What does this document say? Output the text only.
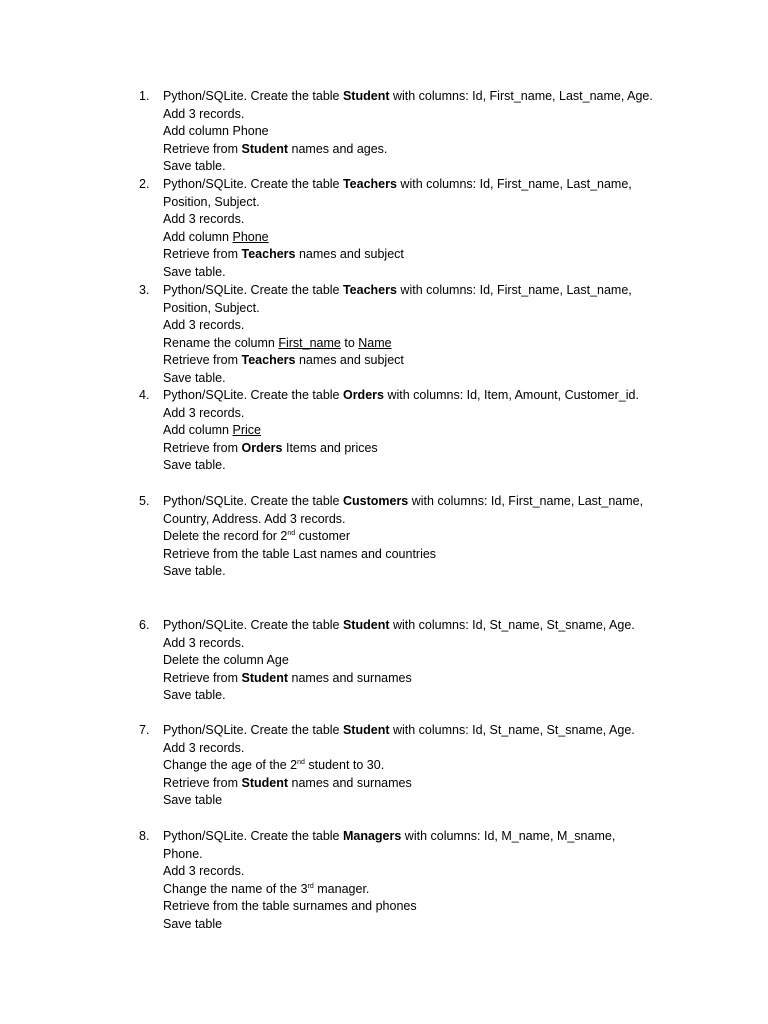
1. Python/SQLite. Create the table Student with columns: Id, First_name, Last_name, Age.
Add 3 records.
Add column Phone
Retrieve from Student names and ages.
Save table.
2. Python/SQLite. Create the table Teachers with columns: Id, First_name, Last_name,
Position, Subject.
Add 3 records.
Add column Phone
Retrieve from Teachers names and subject
Save table.
3. Python/SQLite. Create the table Teachers with columns: Id, First_name, Last_name,
Position, Subject.
Add 3 records.
Rename the column First_name to Name
Retrieve from Teachers names and subject
Save table.
4. Python/SQLite. Create the table Orders with columns: Id, Item, Amount, Customer_id.
Add 3 records.
Add column Price
Retrieve from Orders Items and prices
Save table.
5. Python/SQLite. Create the table Customers with columns: Id, First_name, Last_name,
Country, Address. Add 3 records.
Delete the record for 2nd customer
Retrieve from the table Last names and countries
Save table.
6. Python/SQLite. Create the table Student with columns: Id, St_name, St_sname, Age.
Add 3 records.
Delete the column Age
Retrieve from Student names and surnames
Save table.
7. Python/SQLite. Create the table Student with columns: Id, St_name, St_sname, Age.
Add 3 records.
Change the age of the 2nd student to 30.
Retrieve from Student names and surnames
Save table
8. Python/SQLite. Create the table Managers with columns: Id, M_name, M_sname,
Phone.
Add 3 records.
Change the name of the 3rd manager.
Retrieve from the table surnames and phones
Save table
